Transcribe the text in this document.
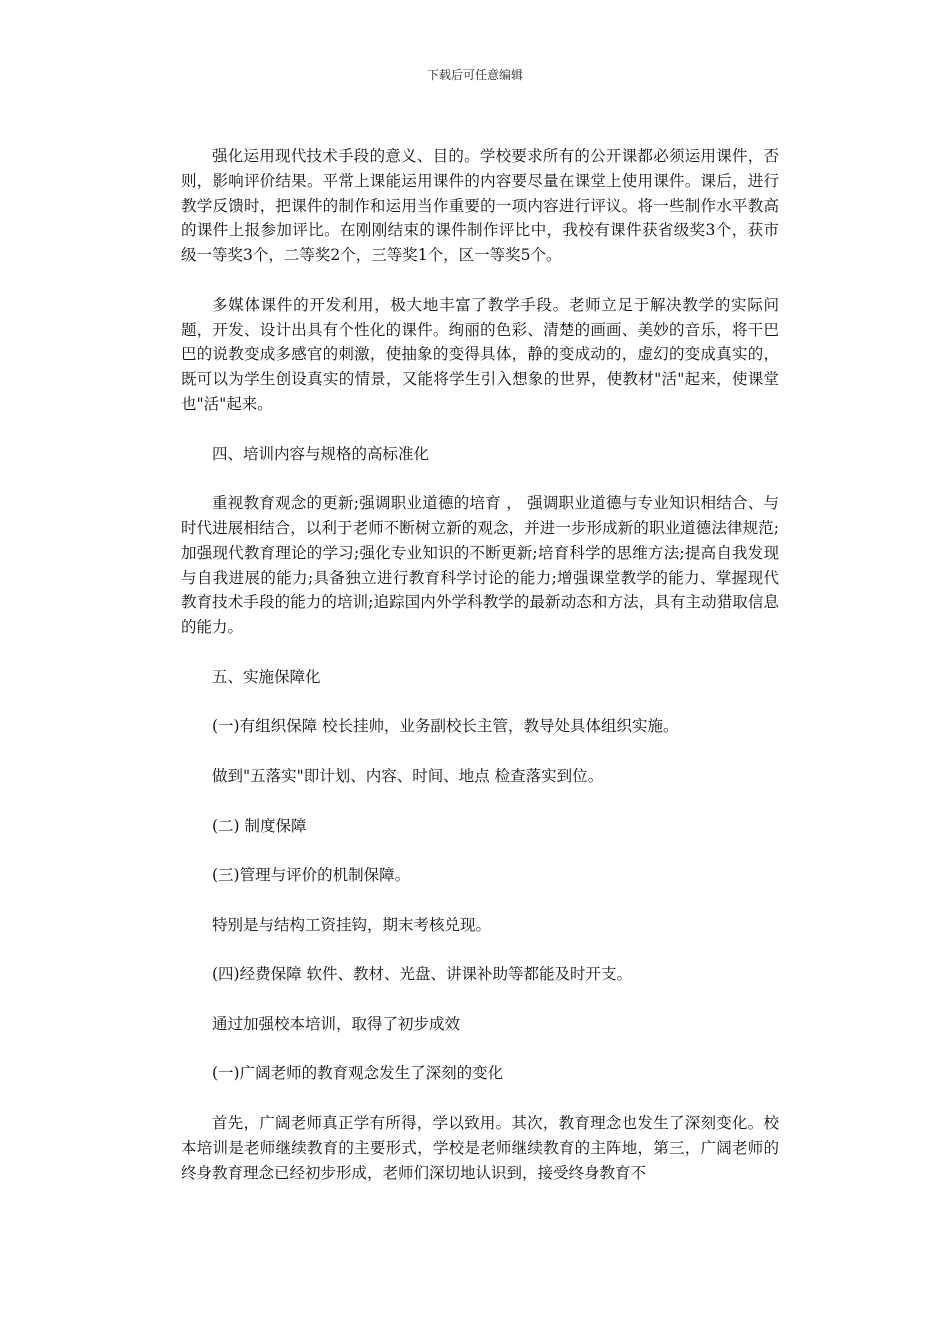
下载后可任意编辑

强化运用现代技术手段的意义、目的。学校要求所有的公开课都必须运用课件，否则，影响评价结果。平常上课能运用课件的内容要尽量在课堂上使用课件。课后，进行教学反馈时，把课件的制作和运用当作重要的一项内容进行评议。将一些制作水平教高的课件上报参加评比。在刚刚结束的课件制作评比中，我校有课件获省级奖3个，获市级一等奖3个，二等奖2个，三等奖1个，区一等奖5个。

多媒体课件的开发利用，极大地丰富了教学手段。老师立足于解决教学的实际问题，开发、设计出具有个性化的课件。绚丽的色彩、清楚的画画、美妙的音乐，将干巴巴的说教变成多感官的刺激，使抽象的变得具体，静的变成动的，虚幻的变成真实的，既可以为学生创设真实的情景，又能将学生引入想象的世界，使教材"活"起来，使课堂也"活"起来。

四、培训内容与规格的高标准化

重视教育观念的更新;强调职业道德的培育 ， 强调职业道德与专业知识相结合、与时代进展相结合，以利于老师不断树立新的观念，并进一步形成新的职业道德法律规范;加强现代教育理论的学习;强化专业知识的不断更新;培育科学的思维方法;提高自我发现与自我进展的能力;具备独立进行教育科学讨论的能力;增强课堂教学的能力、掌握现代教育技术手段的能力的培训;追踪国内外学科教学的最新动态和方法，具有主动猎取信息的能力。

五、实施保障化

(一)有组织保障 校长挂帅，业务副校长主管，教导处具体组织实施。

做到"五落实"即计划、内容、时间、地点 检查落实到位。

(二) 制度保障

(三)管理与评价的机制保障。

特别是与结构工资挂钩，期末考核兑现。

(四)经费保障 软件、教材、光盘、讲课补助等都能及时开支。

通过加强校本培训，取得了初步成效

(一)广阔老师的教育观念发生了深刻的变化

首先，广阔老师真正学有所得，学以致用。其次，教育理念也发生了深刻变化。校本培训是老师继续教育的主要形式，学校是老师继续教育的主阵地，第三，广阔老师的终身教育理念已经初步形成，老师们深切地认识到，接受终身教育不
